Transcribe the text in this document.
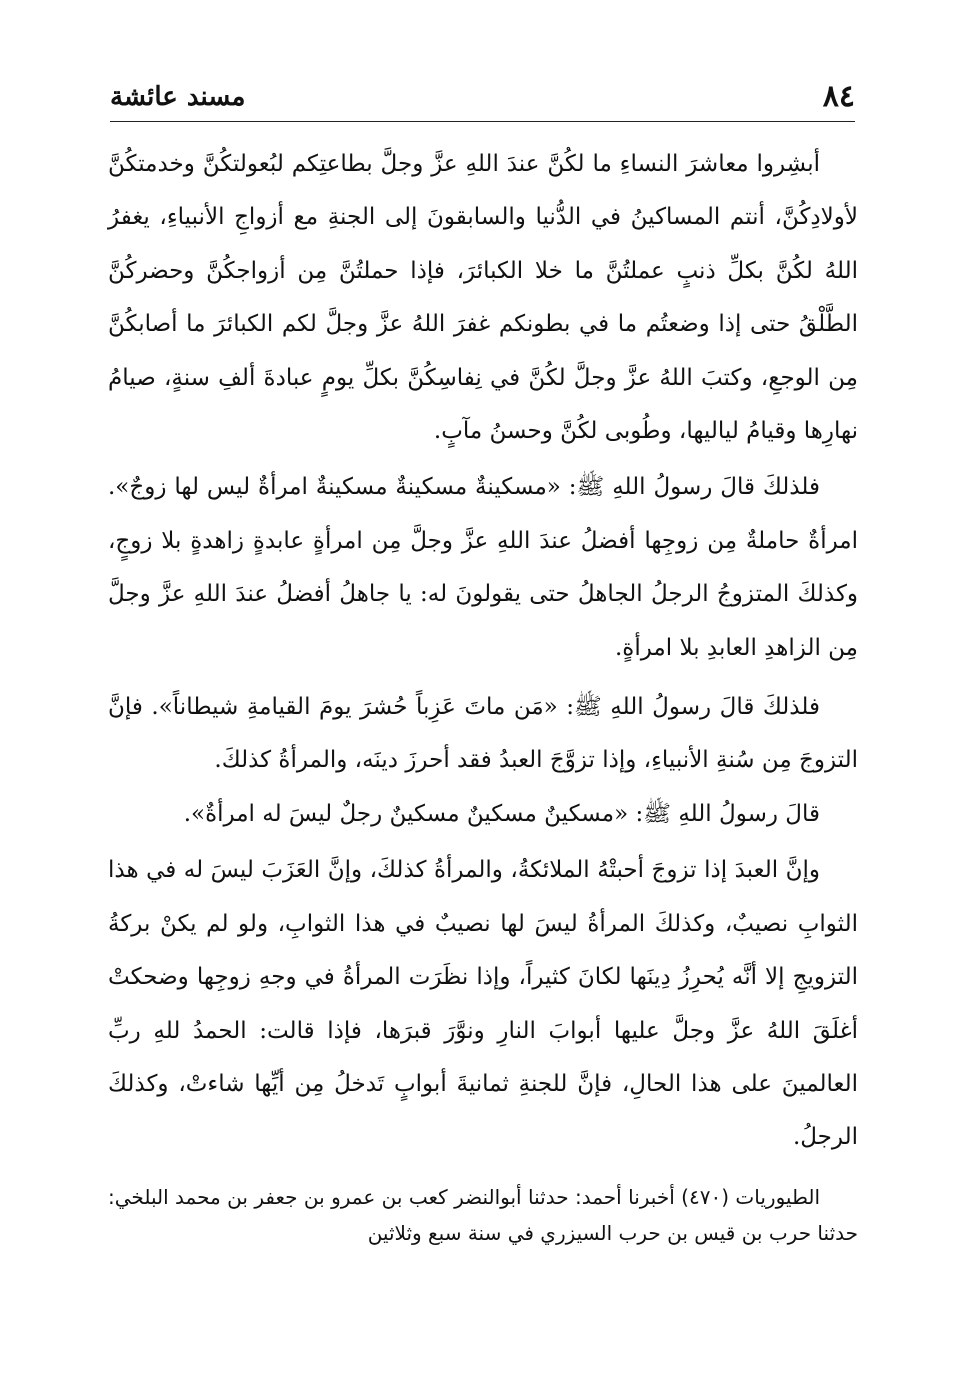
٨٤
مسند عائشة

أبشِروا معاشرَ النساءِ ما لكُنَّ عندَ اللهِ عزَّ وجلَّ بطاعتِكم لبُعولتكُنَّ وخدمتكُنَّ لأولادِكُنَّ، أنتم المساكينُ في الدُّنيا والسابقونَ إلى الجنةِ مع أزواجِ الأنبياءِ، يغفرُ اللهُ لكُنَّ بكلِّ ذنبٍ عملتُنَّ ما خلا الكبائرَ، فإذا حملتُنَّ مِن أزواجكُنَّ وحضركُنَّ الطَّلْقُ حتى إذا وضعتُم ما في بطونكم غفرَ اللهُ عزَّ وجلَّ لكم الكبائرَ ما أصابكُنَّ مِن الوجعِ، وكتبَ اللهُ عزَّ وجلَّ لكُنَّ في نِفاسِكُنَّ بكلِّ يومٍ عبادةَ ألفِ سنةٍ، صيامُ نهارِها وقيامُ لياليها، وطُوبى لكُنَّ وحسنُ مآبٍ.

فلذلكَ قالَ رسولُ اللهِ ﷺ: «مسكينةٌ مسكينةٌ مسكينةٌ امرأةٌ ليس لها زوجٌ». امرأةٌ حاملةٌ مِن زوجِها أفضلُ عندَ اللهِ عزَّ وجلَّ مِن امرأةٍ عابدةٍ زاهدةٍ بلا زوجٍ، وكذلكَ المتزوجُ الرجلُ الجاهلُ حتى يقولونَ له: يا جاهلُ أفضلُ عندَ اللهِ عزَّ وجلَّ مِن الزاهدِ العابدِ بلا امرأةٍ.

فلذلكَ قالَ رسولُ اللهِ ﷺ: «مَن ماتَ عَزِباً حُشرَ يومَ القيامةِ شيطاناً». فإنَّ التزوجَ مِن سُنةِ الأنبياءِ، وإذا تزوَّجَ العبدُ فقد أحرزَ دينَه، والمرأةُ كذلكَ.

قالَ رسولُ اللهِ ﷺ: «مسكينٌ مسكينٌ مسكينٌ رجلٌ ليسَ له امرأةٌ».

وإنَّ العبدَ إذا تزوجَ أحبتْهُ الملائكةُ، والمرأةُ كذلكَ، وإنَّ العَزَبَ ليسَ له في هذا الثوابِ نصيبٌ، وكذلكَ المرأةُ ليسَ لها نصيبٌ في هذا الثوابِ، ولو لم يكنْ بركةُ التزويجِ إلا أنَّه يُحرِزُ دِينَها لكانَ كثيراً، وإذا نظَرَت المرأةُ في وجهِ زوجِها وضحكتْ أغلَقَ اللهُ عزَّ وجلَّ عليها أبوابَ النارِ ونوَّرَ قبرَها، فإذا قالت: الحمدُ للهِ ربِّ العالمينَ على هذا الحالِ، فإنَّ للجنةِ ثمانيةَ أبوابٍ تَدخلُ مِن أيِّها شاءتْ، وكذلكَ الرجلُ.

الطيوريات (٤٧٠) أخبرنا أحمد: حدثنا أبوالنضر كعب بن عمرو بن جعفر بن محمد البلخي: حدثنا حرب بن قيس بن حرب السيزري في سنة سبع وثلاثين
